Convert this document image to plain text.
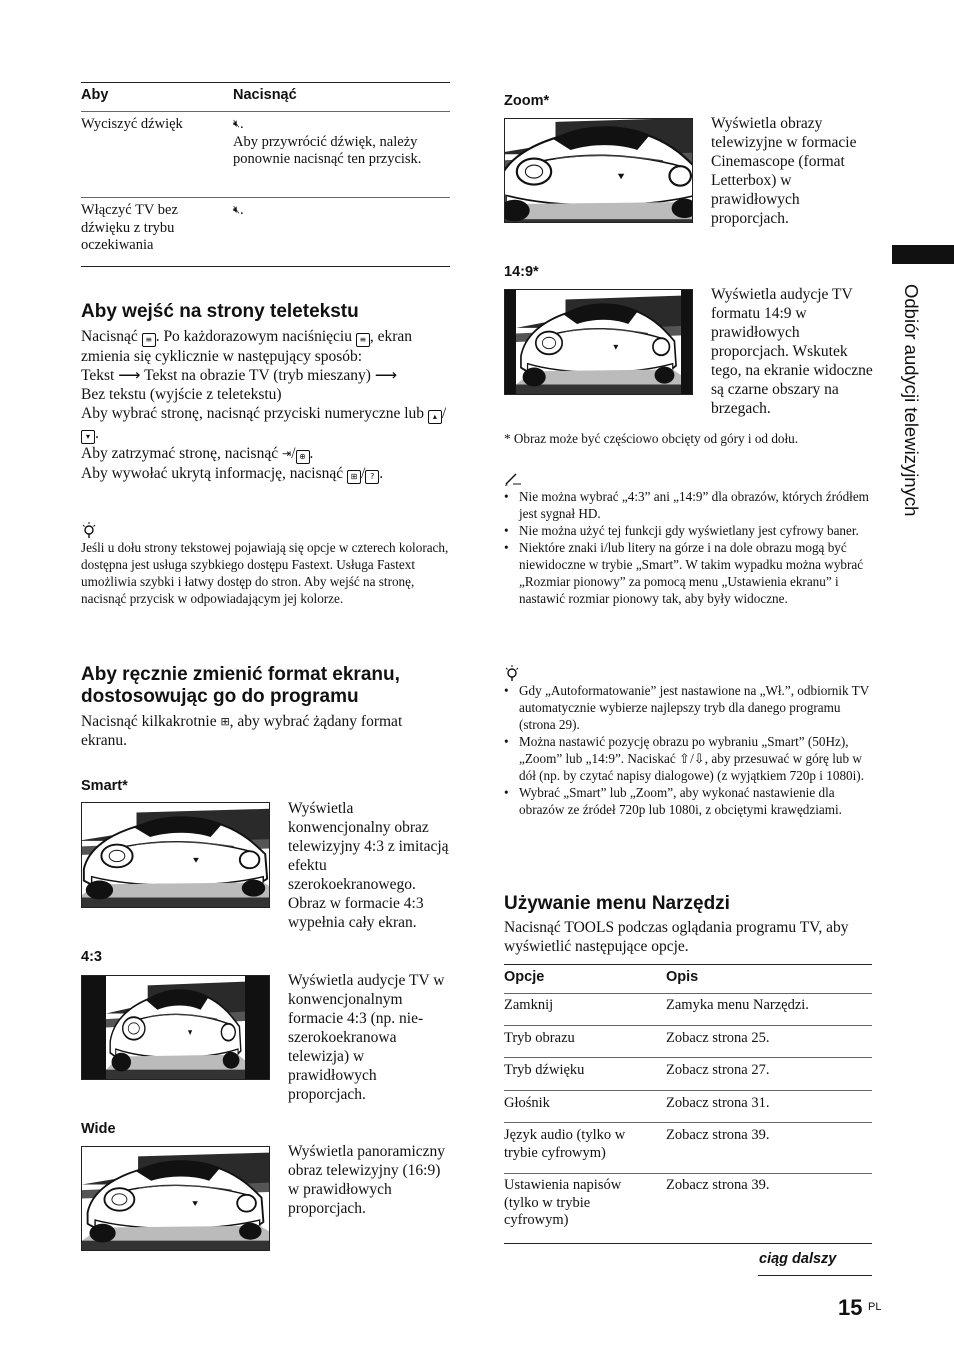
Aby	Nacisnąć
Wyciszyć dźwięk	🔇︎.
Aby przywrócić dźwięk, należy ponownie nacisnąć ten przycisk.
Włączyć TV bez dźwięku z trybu oczekiwania
🔇︎.
Aby wejść na strony teletekstu
Nacisnąć ≡ . Po każdorazowym naciśnięciu ≡ , ekran zmienia się cyklicznie w następujący sposób:
Tekst ⟶ Tekst na obrazie TV (tryb mieszany) ⟶
Bez tekstu (wyjście z teletekstu)
Aby wybrać stronę, nacisnąć przyciski numeryczne lub ▴ /▾ .
Aby zatrzymać stronę, nacisnąć ⇥/ ⊕ .
Aby wywołać ukrytą informację, nacisnąć ⊞ / ? .
Jeśli u dołu strony tekstowej pojawiają się opcje w czterech kolorach, dostępna jest usługa szybkiego dostępu Fastext. Usługa Fastext umożliwia szybki i łatwy dostęp do stron. Aby wejść na stronę, nacisnąć przycisk w odpowiadającym jej kolorze.
Aby ręcznie zmienić format ekranu,
dostosowując go do programu
Nacisnąć kilkakrotnie ⊞, aby wybrać żądany format ekranu.
Smart*
Wyświetla konwencjonalny obraz telewizyjny 4:3 z imitacją efektu szerokoekranowego. Obraz w formacie 4:3 wypełnia cały ekran.
4:3
Wyświetla audycje TV w konwencjonalnym formacie 4:3 (np. nie-szerokoekranowa telewizja) w prawidłowych proporcjach.
Wide
Wyświetla panoramiczny obraz telewizyjny (16:9) w prawidłowych proporcjach.
Zoom*
Wyświetla obrazy telewizyjne w formacie Cinemascope (format Letterbox) w prawidłowych proporcjach.
14:9*
Wyświetla audycje TV formatu 14:9 w prawidłowych proporcjach. Wskutek tego, na ekranie widoczne są czarne obszary na brzegach.
* Obraz może być częściowo obcięty od góry i od dołu.
• Nie można wybrać „4:3” ani „14:9” dla obrazów, których źródłem jest sygnał HD.
• Nie można użyć tej funkcji gdy wyświetlany jest cyfrowy baner.
• Niektóre znaki i/lub litery na górze i na dole obrazu mogą być niewidoczne w trybie „Smart”. W takim wypadku można wybrać „Rozmiar pionowy” za pomocą menu „Ustawienia ekranu” i nastawić rozmiar pionowy tak, aby były widoczne.
• Gdy „Autoformatowanie” jest nastawione na „Wł.”, odbiornik TV automatycznie wybierze najlepszy tryb dla danego programu (strona 29).
• Można nastawić pozycję obrazu po wybraniu „Smart” (50Hz), „Zoom” lub „14:9”. Naciskać ⇧/⇩, aby przesuwać w górę lub w dół (np. by czytać napisy dialogowe) (z wyjątkiem 720p i 1080i).
• Wybrać „Smart” lub „Zoom”, aby wykonać nastawienie dla obrazów ze źródeł 720p lub 1080i, z obciętymi krawędziami.
Używanie menu Narzędzi
Nacisnąć TOOLS podczas oglądania programu TV, aby wyświetlić następujące opcje.
Opcje	Opis
Zamknij	Zamyka menu Narzędzi.
Tryb obrazu	Zobacz strona 25.
Tryb dźwięku	Zobacz strona 27.
Głośnik	Zobacz strona 31.
Język audio (tylko w trybie cyfrowym)
Zobacz strona 39.
Ustawienia napisów (tylko w trybie cyfrowym)
Zobacz strona 39.
ciąg dalszy
15 PL
Odbiór audycji telewizyjnych
